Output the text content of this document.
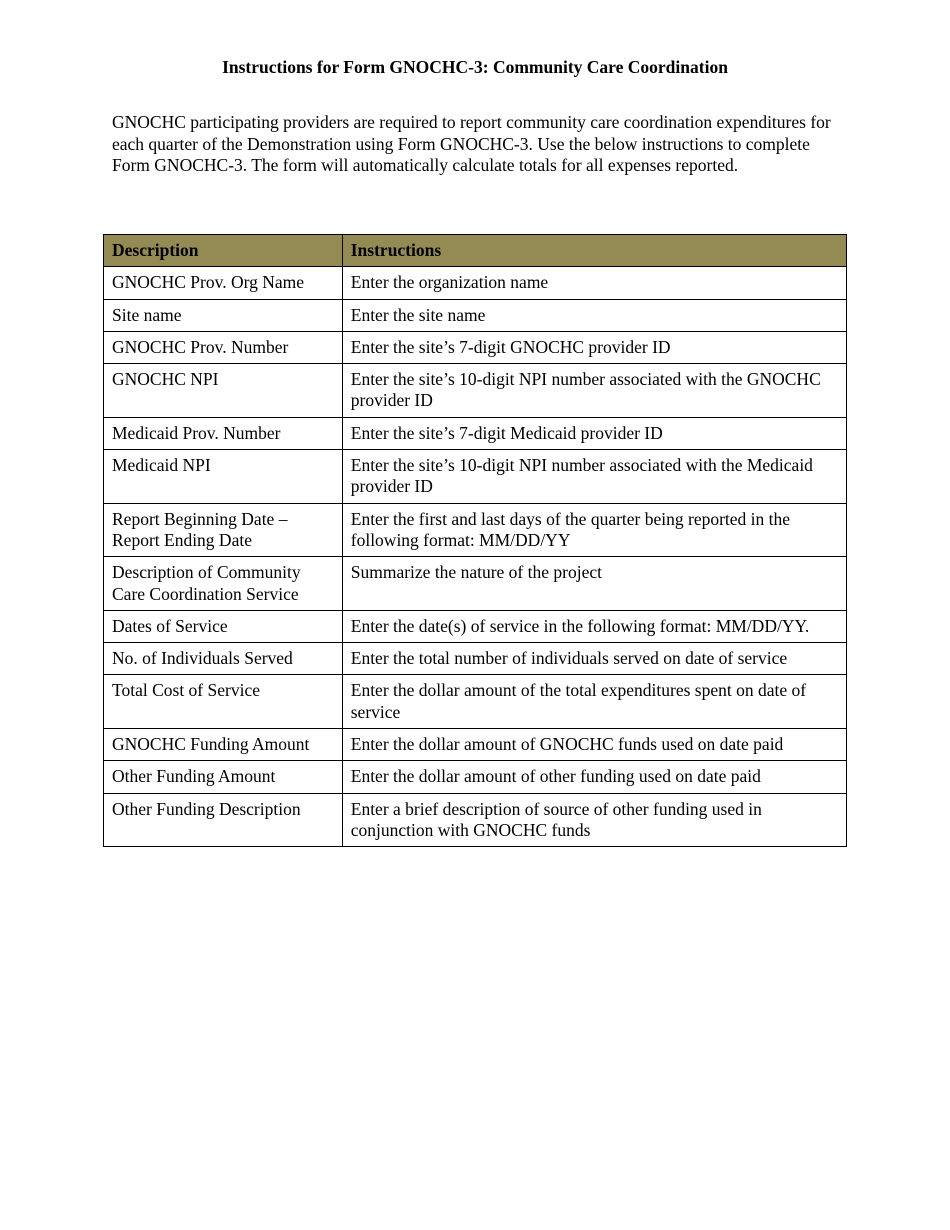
Instructions for Form GNOCHC-3: Community Care Coordination

GNOCHC participating providers are required to report community care coordination expenditures for each quarter of the Demonstration using Form GNOCHC-3. Use the below instructions to complete Form GNOCHC-3. The form will automatically calculate totals for all expenses reported.

Description	Instructions
GNOCHC Prov. Org Name	Enter the organization name
Site name	Enter the site name
GNOCHC Prov. Number	Enter the site’s 7-digit GNOCHC provider ID
GNOCHC NPI	Enter the site’s 10-digit NPI number associated with the GNOCHC provider ID
Medicaid Prov. Number	Enter the site’s 7-digit Medicaid provider ID
Medicaid NPI	Enter the site’s 10-digit NPI number associated with the Medicaid provider ID
Report Beginning Date – Report Ending Date	Enter the first and last days of the quarter being reported in the following format: MM/DD/YY
Description of Community Care Coordination Service	Summarize the nature of the project
Dates of Service	Enter the date(s) of service in the following format: MM/DD/YY.
No. of Individuals Served	Enter the total number of individuals served on date of service
Total Cost of Service	Enter the dollar amount of the total expenditures spent on date of service
GNOCHC Funding Amount	Enter the dollar amount of GNOCHC funds used on date paid
Other Funding Amount	Enter the dollar amount of other funding used on date paid
Other Funding Description	Enter a brief description of source of other funding used in conjunction with GNOCHC funds
